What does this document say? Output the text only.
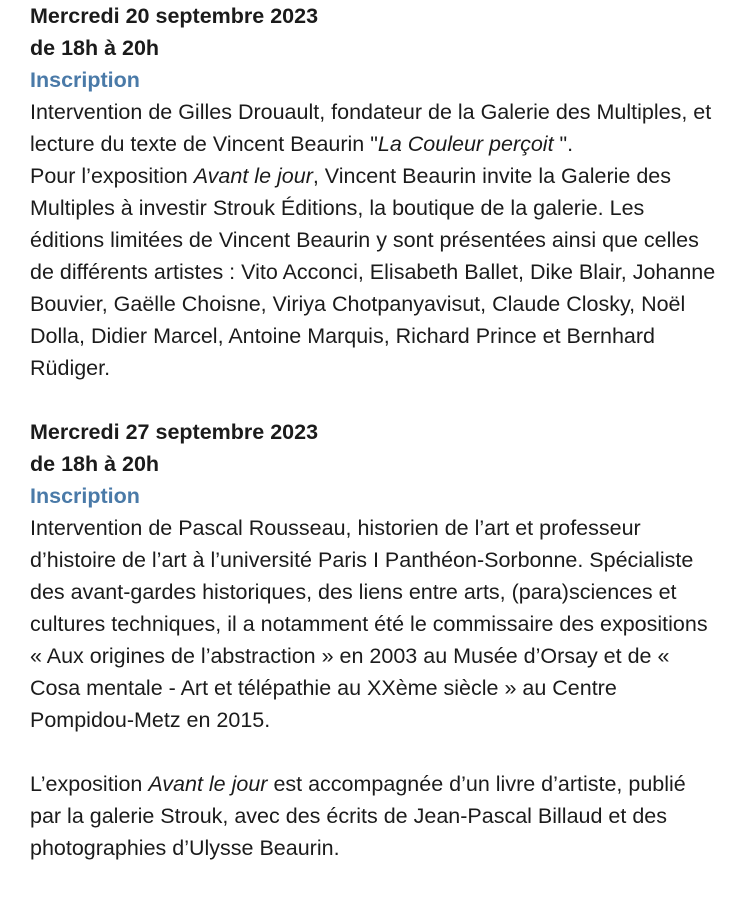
Mercredi 20 septembre 2023
de 18h à 20h
Inscription

Intervention de Gilles Drouault, fondateur de la Galerie des Multiples, et lecture du texte de Vincent Beaurin "La Couleur perçoit ".

Pour l’exposition Avant le jour, Vincent Beaurin invite la Galerie des Multiples à investir Strouk Éditions, la boutique de la galerie. Les éditions limitées de Vincent Beaurin y sont présentées ainsi que celles de différents artistes : Vito Acconci, Elisabeth Ballet, Dike Blair, Johanne Bouvier, Gaëlle Choisne, Viriya Chotpanyavisut, Claude Closky, Noël Dolla, Didier Marcel, Antoine Marquis, Richard Prince et Bernhard Rüdiger.

Mercredi 27 septembre 2023
de 18h à 20h
Inscription

Intervention de Pascal Rousseau, historien de l’art et professeur d’histoire de l’art à l’université Paris I Panthéon-Sorbonne. Spécialiste des avant-gardes historiques, des liens entre arts, (para)sciences et cultures techniques, il a notamment été le commissaire des expositions « Aux origines de l’abstraction » en 2003 au Musée d’Orsay et de « Cosa mentale - Art et télépathie au XXème siècle » au Centre Pompidou-Metz en 2015.

L’exposition Avant le jour est accompagnée d’un livre d’artiste, publié par la galerie Strouk, avec des écrits de Jean-Pascal Billaud et des photographies d’Ulysse Beaurin.
